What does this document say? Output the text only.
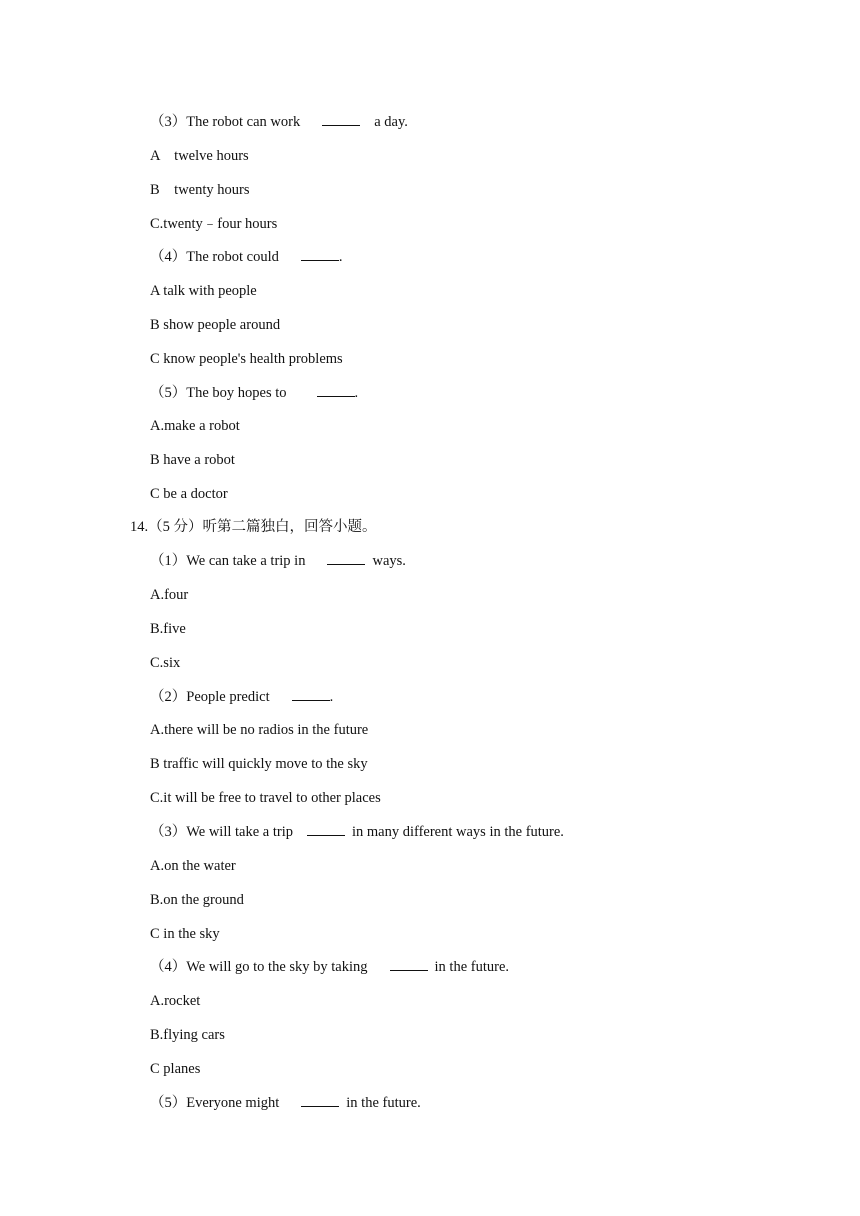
（3）The robot can work	a day.
A　twelve hours
B　twenty hours
C.twenty﹣four hours
（4）The robot could	.
A talk with people
B show people around
C know people's health problems
（5）The boy hopes to	.
A.make a robot
B have a robot
C be a doctor
14.（5 分）听第二篇独白，回答小题。
（1）We can take a trip in	ways.
A.four
B.five
C.six
（2）People predict	.
A.there will be no radios in the future
B traffic will quickly move to the sky
C.it will be free to travel to other places
（3）We will take a trip	in many different ways in the future.
A.on the water
B.on the ground
C in the sky
（4）We will go to the sky by taking	in the future.
A.rocket
B.flying cars
C planes
（5）Everyone might	in the future.
